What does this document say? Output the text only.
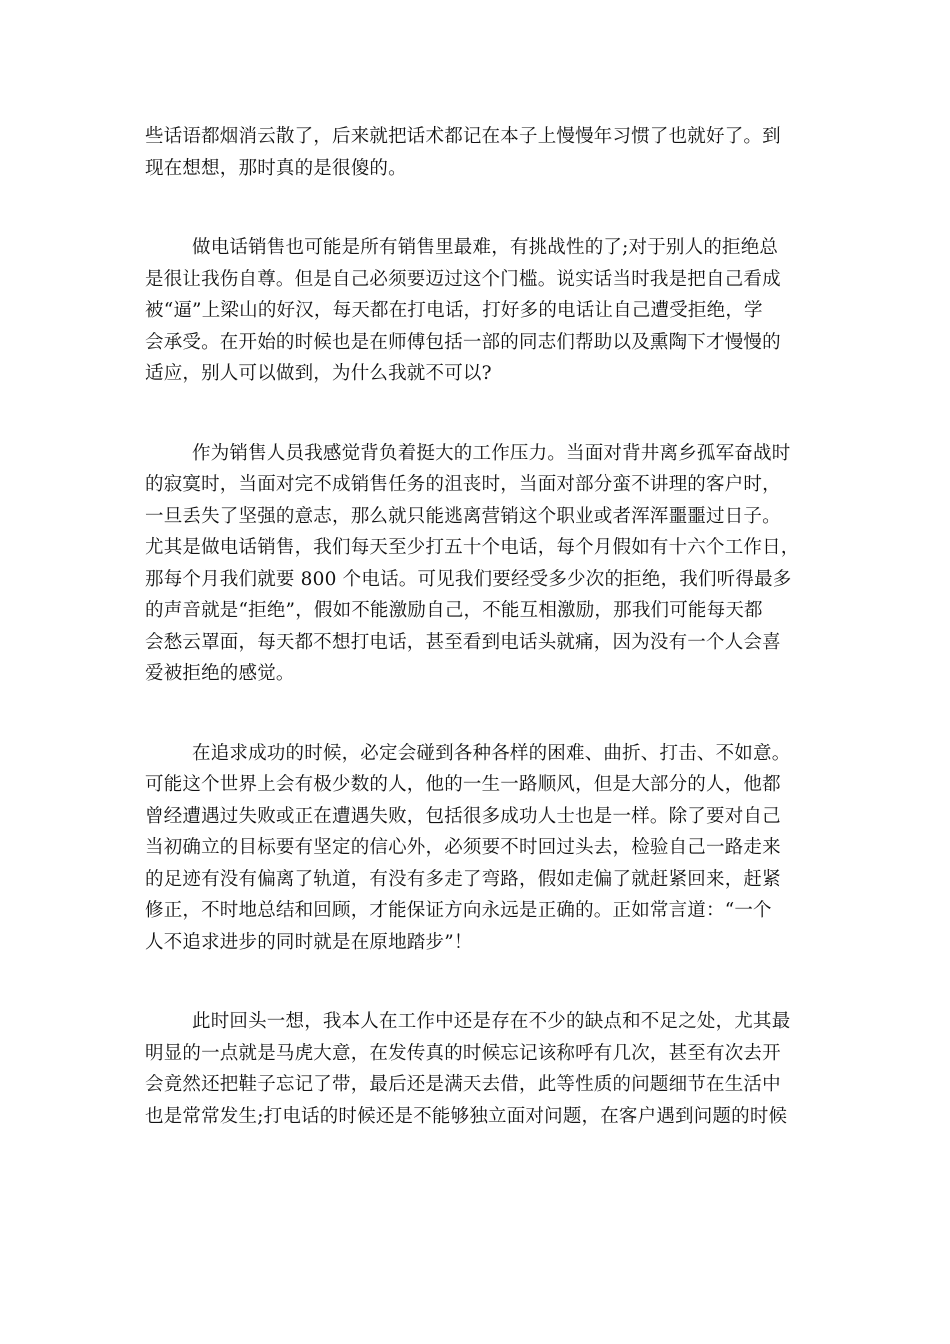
些话语都烟消云散了，后来就把话术都记在本子上慢慢年习惯了也就好了。到
现在想想，那时真的是很傻的。
做电话销售也可能是所有销售里最难，有挑战性的了;对于别人的拒绝总
是很让我伤自尊。但是自己必须要迈过这个门槛。说实话当时我是把自己看成
被“逼”上梁山的好汉，每天都在打电话，打好多的电话让自己遭受拒绝，学
会承受。在开始的时候也是在师傅包括一部的同志们帮助以及熏陶下才慢慢的
适应，别人可以做到，为什么我就不可以?
作为销售人员我感觉背负着挺大的工作压力。当面对背井离乡孤军奋战时
的寂寞时，当面对完不成销售任务的沮丧时，当面对部分蛮不讲理的客户时，
一旦丢失了坚强的意志，那么就只能逃离营销这个职业或者浑浑噩噩过日子。
尤其是做电话销售，我们每天至少打五十个电话，每个月假如有十六个工作日，
那每个月我们就要 800 个电话。可见我们要经受多少次的拒绝，我们听得最多
的声音就是“拒绝”，假如不能激励自己，不能互相激励，那我们可能每天都
会愁云罩面，每天都不想打电话，甚至看到电话头就痛，因为没有一个人会喜
爱被拒绝的感觉。
在追求成功的时候，必定会碰到各种各样的困难、曲折、打击、不如意。
可能这个世界上会有极少数的人，他的一生一路顺风，但是大部分的人，他都
曾经遭遇过失败或正在遭遇失败，包括很多成功人士也是一样。除了要对自己
当初确立的目标要有坚定的信心外，必须要不时回过头去，检验自己一路走来
的足迹有没有偏离了轨道，有没有多走了弯路，假如走偏了就赶紧回来，赶紧
修正，不时地总结和回顾，才能保证方向永远是正确的。正如常言道：“一个
人不追求进步的同时就是在原地踏步”！
此时回头一想，我本人在工作中还是存在不少的缺点和不足之处，尤其最
明显的一点就是马虎大意，在发传真的时候忘记该称呼有几次，甚至有次去开
会竟然还把鞋子忘记了带，最后还是满天去借，此等性质的问题细节在生活中
也是常常发生;打电话的时候还是不能够独立面对问题，在客户遇到问题的时候
